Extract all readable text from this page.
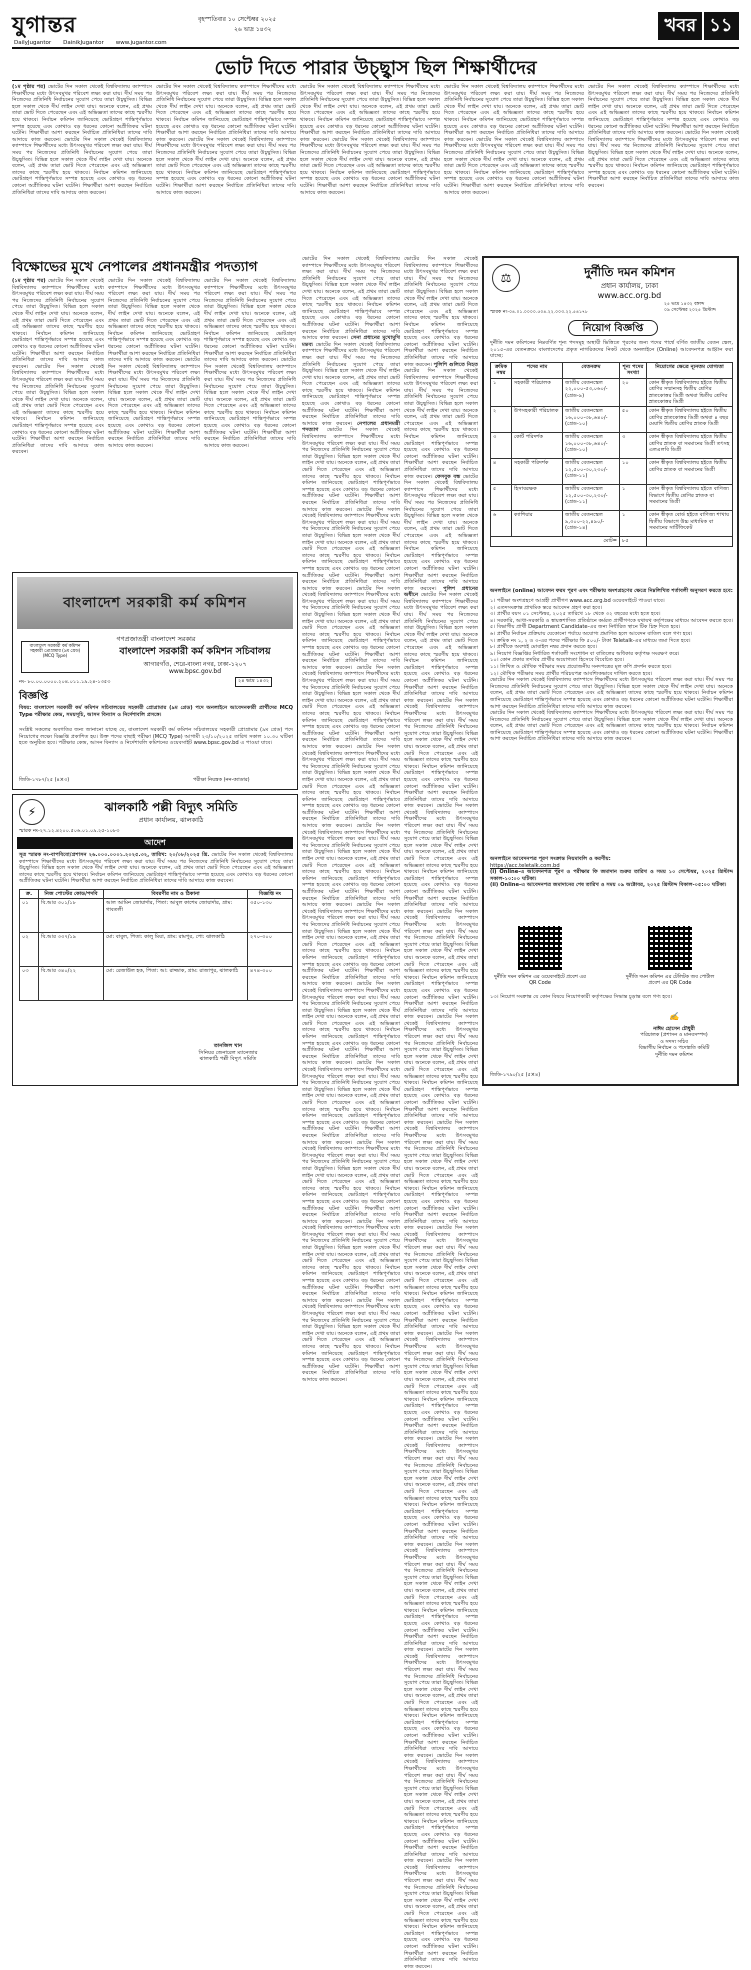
যুগান্তর	বৃহস্পতিবার ১০ সেপ্টেম্বর ২০২৫
২৬ ভাদ্র ১৪৩২
DailyJugantor DainikJugantor www.jugantor.com
খবর ১১
ভোট দিতে পারার উচ্ছ্বাস ছিল শিক্ষার্থীদের
(১ম পৃষ্ঠার পর) ভোটের দিন সকাল থেকেই বিশ্ববিদ্যালয় ক্যাম্পাসে শিক্ষার্থীদের মধ্যে উৎসবমুখর পরিবেশ লক্ষ্য করা যায়। দীর্ঘ সময় পর নিজেদের প্রতিনিধি নির্বাচনের সুযোগ পেয়ে তারা উচ্ছ্বসিত। বিভিন্ন হলে সকাল থেকে দীর্ঘ লাইন দেখা যায়। অনেকে বলেন, এই প্রথম তারা ভোট দিতে পেরেছেন এবং এই অভিজ্ঞতা তাদের কাছে স্মরণীয় হয়ে থাকবে। নির্বাচন কমিশন জানিয়েছে ভোটগ্রহণ শান্তিপূর্ণভাবে সম্পন্ন হয়েছে এবং কোথাও বড় ধরনের কোনো অপ্রীতিকর ঘটনা ঘটেনি। শিক্ষার্থীরা আশা করছেন নির্বাচিত প্রতিনিধিরা তাদের দাবি আদায়ে কাজ করবেন। ভোটের দিন সকাল থেকেই বিশ্ববিদ্যালয় ক্যাম্পাসে শিক্ষার্থীদের মধ্যে উৎসবমুখর পরিবেশ লক্ষ্য করা যায়। দীর্ঘ সময় পর নিজেদের প্রতিনিধি নির্বাচনের সুযোগ পেয়ে তারা উচ্ছ্বসিত। বিভিন্ন হলে সকাল থেকে দীর্ঘ লাইন দেখা যায়। অনেকে বলেন, এই প্রথম তারা ভোট দিতে পেরেছেন এবং এই অভিজ্ঞতা তাদের কাছে স্মরণীয় হয়ে থাকবে। নির্বাচন কমিশন জানিয়েছে ভোটগ্রহণ শান্তিপূর্ণভাবে সম্পন্ন হয়েছে এবং কোথাও বড় ধরনের কোনো অপ্রীতিকর ঘটনা ঘটেনি। শিক্ষার্থীরা আশা করছেন নির্বাচিত প্রতিনিধিরা তাদের দাবি আদায়ে কাজ করবেন।
ভোটের দিন সকাল থেকেই বিশ্ববিদ্যালয় ক্যাম্পাসে শিক্ষার্থীদের মধ্যে উৎসবমুখর পরিবেশ লক্ষ্য করা যায়। দীর্ঘ সময় পর নিজেদের প্রতিনিধি নির্বাচনের সুযোগ পেয়ে তারা উচ্ছ্বসিত। বিভিন্ন হলে সকাল থেকে দীর্ঘ লাইন দেখা যায়। অনেকে বলেন, এই প্রথম তারা ভোট দিতে পেরেছেন এবং এই অভিজ্ঞতা তাদের কাছে স্মরণীয় হয়ে থাকবে। নির্বাচন কমিশন জানিয়েছে ভোটগ্রহণ শান্তিপূর্ণভাবে সম্পন্ন হয়েছে এবং কোথাও বড় ধরনের কোনো অপ্রীতিকর ঘটনা ঘটেনি। শিক্ষার্থীরা আশা করছেন নির্বাচিত প্রতিনিধিরা তাদের দাবি আদায়ে কাজ করবেন। ভোটের দিন সকাল থেকেই বিশ্ববিদ্যালয় ক্যাম্পাসে শিক্ষার্থীদের মধ্যে উৎসবমুখর পরিবেশ লক্ষ্য করা যায়। দীর্ঘ সময় পর নিজেদের প্রতিনিধি নির্বাচনের সুযোগ পেয়ে তারা উচ্ছ্বসিত। বিভিন্ন হলে সকাল থেকে দীর্ঘ লাইন দেখা যায়। অনেকে বলেন, এই প্রথম তারা ভোট দিতে পেরেছেন এবং এই অভিজ্ঞতা তাদের কাছে স্মরণীয় হয়ে থাকবে। নির্বাচন কমিশন জানিয়েছে ভোটগ্রহণ শান্তিপূর্ণভাবে সম্পন্ন হয়েছে এবং কোথাও বড় ধরনের কোনো অপ্রীতিকর ঘটনা ঘটেনি। শিক্ষার্থীরা আশা করছেন নির্বাচিত প্রতিনিধিরা তাদের দাবি আদায়ে কাজ করবেন।
ভোটের দিন সকাল থেকেই বিশ্ববিদ্যালয় ক্যাম্পাসে শিক্ষার্থীদের মধ্যে উৎসবমুখর পরিবেশ লক্ষ্য করা যায়। দীর্ঘ সময় পর নিজেদের প্রতিনিধি নির্বাচনের সুযোগ পেয়ে তারা উচ্ছ্বসিত। বিভিন্ন হলে সকাল থেকে দীর্ঘ লাইন দেখা যায়। অনেকে বলেন, এই প্রথম তারা ভোট দিতে পেরেছেন এবং এই অভিজ্ঞতা তাদের কাছে স্মরণীয় হয়ে থাকবে। নির্বাচন কমিশন জানিয়েছে ভোটগ্রহণ শান্তিপূর্ণভাবে সম্পন্ন হয়েছে এবং কোথাও বড় ধরনের কোনো অপ্রীতিকর ঘটনা ঘটেনি। শিক্ষার্থীরা আশা করছেন নির্বাচিত প্রতিনিধিরা তাদের দাবি আদায়ে কাজ করবেন। ভোটের দিন সকাল থেকেই বিশ্ববিদ্যালয় ক্যাম্পাসে শিক্ষার্থীদের মধ্যে উৎসবমুখর পরিবেশ লক্ষ্য করা যায়। দীর্ঘ সময় পর নিজেদের প্রতিনিধি নির্বাচনের সুযোগ পেয়ে তারা উচ্ছ্বসিত। বিভিন্ন হলে সকাল থেকে দীর্ঘ লাইন দেখা যায়। অনেকে বলেন, এই প্রথম তারা ভোট দিতে পেরেছেন এবং এই অভিজ্ঞতা তাদের কাছে স্মরণীয় হয়ে থাকবে। নির্বাচন কমিশন জানিয়েছে ভোটগ্রহণ শান্তিপূর্ণভাবে সম্পন্ন হয়েছে এবং কোথাও বড় ধরনের কোনো অপ্রীতিকর ঘটনা ঘটেনি। শিক্ষার্থীরা আশা করছেন নির্বাচিত প্রতিনিধিরা তাদের দাবি আদায়ে কাজ করবেন।
ভোটের দিন সকাল থেকেই বিশ্ববিদ্যালয় ক্যাম্পাসে শিক্ষার্থীদের মধ্যে উৎসবমুখর পরিবেশ লক্ষ্য করা যায়। দীর্ঘ সময় পর নিজেদের প্রতিনিধি নির্বাচনের সুযোগ পেয়ে তারা উচ্ছ্বসিত। বিভিন্ন হলে সকাল থেকে দীর্ঘ লাইন দেখা যায়। অনেকে বলেন, এই প্রথম তারা ভোট দিতে পেরেছেন এবং এই অভিজ্ঞতা তাদের কাছে স্মরণীয় হয়ে থাকবে। নির্বাচন কমিশন জানিয়েছে ভোটগ্রহণ শান্তিপূর্ণভাবে সম্পন্ন হয়েছে এবং কোথাও বড় ধরনের কোনো অপ্রীতিকর ঘটনা ঘটেনি। শিক্ষার্থীরা আশা করছেন নির্বাচিত প্রতিনিধিরা তাদের দাবি আদায়ে কাজ করবেন। ভোটের দিন সকাল থেকেই বিশ্ববিদ্যালয় ক্যাম্পাসে শিক্ষার্থীদের মধ্যে উৎসবমুখর পরিবেশ লক্ষ্য করা যায়। দীর্ঘ সময় পর নিজেদের প্রতিনিধি নির্বাচনের সুযোগ পেয়ে তারা উচ্ছ্বসিত। বিভিন্ন হলে সকাল থেকে দীর্ঘ লাইন দেখা যায়। অনেকে বলেন, এই প্রথম তারা ভোট দিতে পেরেছেন এবং এই অভিজ্ঞতা তাদের কাছে স্মরণীয় হয়ে থাকবে। নির্বাচন কমিশন জানিয়েছে ভোটগ্রহণ শান্তিপূর্ণভাবে সম্পন্ন হয়েছে এবং কোথাও বড় ধরনের কোনো অপ্রীতিকর ঘটনা ঘটেনি। শিক্ষার্থীরা আশা করছেন নির্বাচিত প্রতিনিধিরা তাদের দাবি আদায়ে কাজ করবেন।
ভোটের দিন সকাল থেকেই বিশ্ববিদ্যালয় ক্যাম্পাসে শিক্ষার্থীদের মধ্যে উৎসবমুখর পরিবেশ লক্ষ্য করা যায়। দীর্ঘ সময় পর নিজেদের প্রতিনিধি নির্বাচনের সুযোগ পেয়ে তারা উচ্ছ্বসিত। বিভিন্ন হলে সকাল থেকে দীর্ঘ লাইন দেখা যায়। অনেকে বলেন, এই প্রথম তারা ভোট দিতে পেরেছেন এবং এই অভিজ্ঞতা তাদের কাছে স্মরণীয় হয়ে থাকবে। নির্বাচন কমিশন জানিয়েছে ভোটগ্রহণ শান্তিপূর্ণভাবে সম্পন্ন হয়েছে এবং কোথাও বড় ধরনের কোনো অপ্রীতিকর ঘটনা ঘটেনি। শিক্ষার্থীরা আশা করছেন নির্বাচিত প্রতিনিধিরা তাদের দাবি আদায়ে কাজ করবেন। ভোটের দিন সকাল থেকেই বিশ্ববিদ্যালয় ক্যাম্পাসে শিক্ষার্থীদের মধ্যে উৎসবমুখর পরিবেশ লক্ষ্য করা যায়। দীর্ঘ সময় পর নিজেদের প্রতিনিধি নির্বাচনের সুযোগ পেয়ে তারা উচ্ছ্বসিত। বিভিন্ন হলে সকাল থেকে দীর্ঘ লাইন দেখা যায়। অনেকে বলেন, এই প্রথম তারা ভোট দিতে পেরেছেন এবং এই অভিজ্ঞতা তাদের কাছে স্মরণীয় হয়ে থাকবে। নির্বাচন কমিশন জানিয়েছে ভোটগ্রহণ শান্তিপূর্ণভাবে সম্পন্ন হয়েছে এবং কোথাও বড় ধরনের কোনো অপ্রীতিকর ঘটনা ঘটেনি। শিক্ষার্থীরা আশা করছেন নির্বাচিত প্রতিনিধিরা তাদের দাবি আদায়ে কাজ করবেন।
বিক্ষোভের মুখে নেপালের প্রধানমন্ত্রীর পদত্যাগ
(১ম পৃষ্ঠার পর) ভোটের দিন সকাল থেকেই বিশ্ববিদ্যালয় ক্যাম্পাসে শিক্ষার্থীদের মধ্যে উৎসবমুখর পরিবেশ লক্ষ্য করা যায়। দীর্ঘ সময় পর নিজেদের প্রতিনিধি নির্বাচনের সুযোগ পেয়ে তারা উচ্ছ্বসিত। বিভিন্ন হলে সকাল থেকে দীর্ঘ লাইন দেখা যায়। অনেকে বলেন, এই প্রথম তারা ভোট দিতে পেরেছেন এবং এই অভিজ্ঞতা তাদের কাছে স্মরণীয় হয়ে থাকবে। নির্বাচন কমিশন জানিয়েছে ভোটগ্রহণ শান্তিপূর্ণভাবে সম্পন্ন হয়েছে এবং কোথাও বড় ধরনের কোনো অপ্রীতিকর ঘটনা ঘটেনি। শিক্ষার্থীরা আশা করছেন নির্বাচিত প্রতিনিধিরা তাদের দাবি আদায়ে কাজ করবেন। ভোটের দিন সকাল থেকেই বিশ্ববিদ্যালয় ক্যাম্পাসে শিক্ষার্থীদের মধ্যে উৎসবমুখর পরিবেশ লক্ষ্য করা যায়। দীর্ঘ সময় পর নিজেদের প্রতিনিধি নির্বাচনের সুযোগ পেয়ে তারা উচ্ছ্বসিত। বিভিন্ন হলে সকাল থেকে দীর্ঘ লাইন দেখা যায়। অনেকে বলেন, এই প্রথম তারা ভোট দিতে পেরেছেন এবং এই অভিজ্ঞতা তাদের কাছে স্মরণীয় হয়ে থাকবে। নির্বাচন কমিশন জানিয়েছে ভোটগ্রহণ শান্তিপূর্ণভাবে সম্পন্ন হয়েছে এবং কোথাও বড় ধরনের কোনো অপ্রীতিকর ঘটনা ঘটেনি। শিক্ষার্থীরা আশা করছেন নির্বাচিত প্রতিনিধিরা তাদের দাবি আদায়ে কাজ করবেন।
ভোটের দিন সকাল থেকেই বিশ্ববিদ্যালয় ক্যাম্পাসে শিক্ষার্থীদের মধ্যে উৎসবমুখর পরিবেশ লক্ষ্য করা যায়। দীর্ঘ সময় পর নিজেদের প্রতিনিধি নির্বাচনের সুযোগ পেয়ে তারা উচ্ছ্বসিত। বিভিন্ন হলে সকাল থেকে দীর্ঘ লাইন দেখা যায়। অনেকে বলেন, এই প্রথম তারা ভোট দিতে পেরেছেন এবং এই অভিজ্ঞতা তাদের কাছে স্মরণীয় হয়ে থাকবে। নির্বাচন কমিশন জানিয়েছে ভোটগ্রহণ শান্তিপূর্ণভাবে সম্পন্ন হয়েছে এবং কোথাও বড় ধরনের কোনো অপ্রীতিকর ঘটনা ঘটেনি। শিক্ষার্থীরা আশা করছেন নির্বাচিত প্রতিনিধিরা তাদের দাবি আদায়ে কাজ করবেন। ভোটের দিন সকাল থেকেই বিশ্ববিদ্যালয় ক্যাম্পাসে শিক্ষার্থীদের মধ্যে উৎসবমুখর পরিবেশ লক্ষ্য করা যায়। দীর্ঘ সময় পর নিজেদের প্রতিনিধি নির্বাচনের সুযোগ পেয়ে তারা উচ্ছ্বসিত। বিভিন্ন হলে সকাল থেকে দীর্ঘ লাইন দেখা যায়। অনেকে বলেন, এই প্রথম তারা ভোট দিতে পেরেছেন এবং এই অভিজ্ঞতা তাদের কাছে স্মরণীয় হয়ে থাকবে। নির্বাচন কমিশন জানিয়েছে ভোটগ্রহণ শান্তিপূর্ণভাবে সম্পন্ন হয়েছে এবং কোথাও বড় ধরনের কোনো অপ্রীতিকর ঘটনা ঘটেনি। শিক্ষার্থীরা আশা করছেন নির্বাচিত প্রতিনিধিরা তাদের দাবি আদায়ে কাজ করবেন।
ভোটের দিন সকাল থেকেই বিশ্ববিদ্যালয় ক্যাম্পাসে শিক্ষার্থীদের মধ্যে উৎসবমুখর পরিবেশ লক্ষ্য করা যায়। দীর্ঘ সময় পর নিজেদের প্রতিনিধি নির্বাচনের সুযোগ পেয়ে তারা উচ্ছ্বসিত। বিভিন্ন হলে সকাল থেকে দীর্ঘ লাইন দেখা যায়। অনেকে বলেন, এই প্রথম তারা ভোট দিতে পেরেছেন এবং এই অভিজ্ঞতা তাদের কাছে স্মরণীয় হয়ে থাকবে। নির্বাচন কমিশন জানিয়েছে ভোটগ্রহণ শান্তিপূর্ণভাবে সম্পন্ন হয়েছে এবং কোথাও বড় ধরনের কোনো অপ্রীতিকর ঘটনা ঘটেনি। শিক্ষার্থীরা আশা করছেন নির্বাচিত প্রতিনিধিরা তাদের দাবি আদায়ে কাজ করবেন। ভোটের দিন সকাল থেকেই বিশ্ববিদ্যালয় ক্যাম্পাসে শিক্ষার্থীদের মধ্যে উৎসবমুখর পরিবেশ লক্ষ্য করা যায়। দীর্ঘ সময় পর নিজেদের প্রতিনিধি নির্বাচনের সুযোগ পেয়ে তারা উচ্ছ্বসিত। বিভিন্ন হলে সকাল থেকে দীর্ঘ লাইন দেখা যায়। অনেকে বলেন, এই প্রথম তারা ভোট দিতে পেরেছেন এবং এই অভিজ্ঞতা তাদের কাছে স্মরণীয় হয়ে থাকবে। নির্বাচন কমিশন জানিয়েছে ভোটগ্রহণ শান্তিপূর্ণভাবে সম্পন্ন হয়েছে এবং কোথাও বড় ধরনের কোনো অপ্রীতিকর ঘটনা ঘটেনি। শিক্ষার্থীরা আশা করছেন নির্বাচিত প্রতিনিধিরা তাদের দাবি আদায়ে কাজ করবেন।
ভোটের দিন সকাল থেকেই বিশ্ববিদ্যালয় ক্যাম্পাসে শিক্ষার্থীদের মধ্যে উৎসবমুখর পরিবেশ লক্ষ্য করা যায়। দীর্ঘ সময় পর নিজেদের প্রতিনিধি নির্বাচনের সুযোগ পেয়ে তারা উচ্ছ্বসিত। বিভিন্ন হলে সকাল থেকে দীর্ঘ লাইন দেখা যায়। অনেকে বলেন, এই প্রথম তারা ভোট দিতে পেরেছেন এবং এই অভিজ্ঞতা তাদের কাছে স্মরণীয় হয়ে থাকবে। নির্বাচন কমিশন জানিয়েছে ভোটগ্রহণ শান্তিপূর্ণভাবে সম্পন্ন হয়েছে এবং কোথাও বড় ধরনের কোনো অপ্রীতিকর ঘটনা ঘটেনি। শিক্ষার্থীরা আশা করছেন নির্বাচিত প্রতিনিধিরা তাদের দাবি আদায়ে কাজ করবেন। সেনা প্রধানের মুখোমুখি মন্তব্য ভোটের দিন সকাল থেকেই বিশ্ববিদ্যালয় ক্যাম্পাসে শিক্ষার্থীদের মধ্যে উৎসবমুখর পরিবেশ লক্ষ্য করা যায়। দীর্ঘ সময় পর নিজেদের প্রতিনিধি নির্বাচনের সুযোগ পেয়ে তারা উচ্ছ্বসিত। বিভিন্ন হলে সকাল থেকে দীর্ঘ লাইন দেখা যায়। অনেকে বলেন, এই প্রথম তারা ভোট দিতে পেরেছেন এবং এই অভিজ্ঞতা তাদের কাছে স্মরণীয় হয়ে থাকবে। নির্বাচন কমিশন জানিয়েছে ভোটগ্রহণ শান্তিপূর্ণভাবে সম্পন্ন হয়েছে এবং কোথাও বড় ধরনের কোনো অপ্রীতিকর ঘটনা ঘটেনি। শিক্ষার্থীরা আশা করছেন নির্বাচিত প্রতিনিধিরা তাদের দাবি আদায়ে কাজ করবেন। নেপালের প্রধানমন্ত্রী পদত্যাগ ভোটের দিন সকাল থেকেই বিশ্ববিদ্যালয় ক্যাম্পাসে শিক্ষার্থীদের মধ্যে উৎসবমুখর পরিবেশ লক্ষ্য করা যায়। দীর্ঘ সময় পর নিজেদের প্রতিনিধি নির্বাচনের সুযোগ পেয়ে তারা উচ্ছ্বসিত। বিভিন্ন হলে সকাল থেকে দীর্ঘ লাইন দেখা যায়। অনেকে বলেন, এই প্রথম তারা ভোট দিতে পেরেছেন এবং এই অভিজ্ঞতা তাদের কাছে স্মরণীয় হয়ে থাকবে। নির্বাচন কমিশন জানিয়েছে ভোটগ্রহণ শান্তিপূর্ণভাবে সম্পন্ন হয়েছে এবং কোথাও বড় ধরনের কোনো অপ্রীতিকর ঘটনা ঘটেনি। শিক্ষার্থীরা আশা করছেন নির্বাচিত প্রতিনিধিরা তাদের দাবি আদায়ে কাজ করবেন। ভোটের দিন সকাল থেকেই বিশ্ববিদ্যালয় ক্যাম্পাসে শিক্ষার্থীদের মধ্যে উৎসবমুখর পরিবেশ লক্ষ্য করা যায়। দীর্ঘ সময় পর নিজেদের প্রতিনিধি নির্বাচনের সুযোগ পেয়ে তারা উচ্ছ্বসিত। বিভিন্ন হলে সকাল থেকে দীর্ঘ লাইন দেখা যায়। অনেকে বলেন, এই প্রথম তারা ভোট দিতে পেরেছেন এবং এই অভিজ্ঞতা তাদের কাছে স্মরণীয় হয়ে থাকবে। নির্বাচন কমিশন জানিয়েছে ভোটগ্রহণ শান্তিপূর্ণভাবে সম্পন্ন হয়েছে এবং কোথাও বড় ধরনের কোনো অপ্রীতিকর ঘটনা ঘটেনি। শিক্ষার্থীরা আশা করছেন নির্বাচিত প্রতিনিধিরা তাদের দাবি আদায়ে কাজ করবেন। ভোটের দিন সকাল থেকেই বিশ্ববিদ্যালয় ক্যাম্পাসে শিক্ষার্থীদের মধ্যে উৎসবমুখর পরিবেশ লক্ষ্য করা যায়। দীর্ঘ সময় পর নিজেদের প্রতিনিধি নির্বাচনের সুযোগ পেয়ে তারা উচ্ছ্বসিত। বিভিন্ন হলে সকাল থেকে দীর্ঘ লাইন দেখা যায়। অনেকে বলেন, এই প্রথম তারা ভোট দিতে পেরেছেন এবং এই অভিজ্ঞতা তাদের কাছে স্মরণীয় হয়ে থাকবে। নির্বাচন কমিশন জানিয়েছে ভোটগ্রহণ শান্তিপূর্ণভাবে সম্পন্ন হয়েছে এবং কোথাও বড় ধরনের কোনো অপ্রীতিকর ঘটনা ঘটেনি। শিক্ষার্থীরা আশা করছেন নির্বাচিত প্রতিনিধিরা তাদের দাবি আদায়ে কাজ করবেন। ভোটের দিন সকাল থেকেই বিশ্ববিদ্যালয় ক্যাম্পাসে শিক্ষার্থীদের মধ্যে উৎসবমুখর পরিবেশ লক্ষ্য করা যায়। দীর্ঘ সময় পর নিজেদের প্রতিনিধি নির্বাচনের সুযোগ পেয়ে তারা উচ্ছ্বসিত। বিভিন্ন হলে সকাল থেকে দীর্ঘ লাইন দেখা যায়। অনেকে বলেন, এই প্রথম তারা ভোট দিতে পেরেছেন এবং এই অভিজ্ঞতা তাদের কাছে স্মরণীয় হয়ে থাকবে। নির্বাচন কমিশন জানিয়েছে ভোটগ্রহণ শান্তিপূর্ণভাবে সম্পন্ন হয়েছে এবং কোথাও বড় ধরনের কোনো অপ্রীতিকর ঘটনা ঘটেনি। শিক্ষার্থীরা আশা করছেন নির্বাচিত প্রতিনিধিরা তাদের দাবি আদায়ে কাজ করবেন। ভোটের দিন সকাল থেকেই বিশ্ববিদ্যালয় ক্যাম্পাসে শিক্ষার্থীদের মধ্যে উৎসবমুখর পরিবেশ লক্ষ্য করা যায়। দীর্ঘ সময় পর নিজেদের প্রতিনিধি নির্বাচনের সুযোগ পেয়ে তারা উচ্ছ্বসিত। বিভিন্ন হলে সকাল থেকে দীর্ঘ লাইন দেখা যায়। অনেকে বলেন, এই প্রথম তারা ভোট দিতে পেরেছেন এবং এই অভিজ্ঞতা তাদের কাছে স্মরণীয় হয়ে থাকবে। নির্বাচন কমিশন জানিয়েছে ভোটগ্রহণ শান্তিপূর্ণভাবে সম্পন্ন হয়েছে এবং কোথাও বড় ধরনের কোনো অপ্রীতিকর ঘটনা ঘটেনি। শিক্ষার্থীরা আশা করছেন নির্বাচিত প্রতিনিধিরা তাদের দাবি আদায়ে কাজ করবেন। ভোটের দিন সকাল থেকেই বিশ্ববিদ্যালয় ক্যাম্পাসে শিক্ষার্থীদের মধ্যে উৎসবমুখর পরিবেশ লক্ষ্য করা যায়। দীর্ঘ সময় পর নিজেদের প্রতিনিধি নির্বাচনের সুযোগ পেয়ে তারা উচ্ছ্বসিত। বিভিন্ন হলে সকাল থেকে দীর্ঘ লাইন দেখা যায়। অনেকে বলেন, এই প্রথম তারা ভোট দিতে পেরেছেন এবং এই অভিজ্ঞতা তাদের কাছে স্মরণীয় হয়ে থাকবে। নির্বাচন কমিশন জানিয়েছে ভোটগ্রহণ শান্তিপূর্ণভাবে সম্পন্ন হয়েছে এবং কোথাও বড় ধরনের কোনো অপ্রীতিকর ঘটনা ঘটেনি। শিক্ষার্থীরা আশা করছেন নির্বাচিত প্রতিনিধিরা তাদের দাবি আদায়ে কাজ করবেন। ভোটের দিন সকাল থেকেই বিশ্ববিদ্যালয় ক্যাম্পাসে শিক্ষার্থীদের মধ্যে উৎসবমুখর পরিবেশ লক্ষ্য করা যায়। দীর্ঘ সময় পর নিজেদের প্রতিনিধি নির্বাচনের সুযোগ পেয়ে তারা উচ্ছ্বসিত। বিভিন্ন হলে সকাল থেকে দীর্ঘ লাইন দেখা যায়। অনেকে বলেন, এই প্রথম তারা ভোট দিতে পেরেছেন এবং এই অভিজ্ঞতা তাদের কাছে স্মরণীয় হয়ে থাকবে। নির্বাচন কমিশন জানিয়েছে ভোটগ্রহণ শান্তিপূর্ণভাবে সম্পন্ন হয়েছে এবং কোথাও বড় ধরনের কোনো অপ্রীতিকর ঘটনা ঘটেনি। শিক্ষার্থীরা আশা করছেন নির্বাচিত প্রতিনিধিরা তাদের দাবি আদায়ে কাজ করবেন। ভোটের দিন সকাল থেকেই বিশ্ববিদ্যালয় ক্যাম্পাসে শিক্ষার্থীদের মধ্যে উৎসবমুখর পরিবেশ লক্ষ্য করা যায়। দীর্ঘ সময় পর নিজেদের প্রতিনিধি নির্বাচনের সুযোগ পেয়ে তারা উচ্ছ্বসিত। বিভিন্ন হলে সকাল থেকে দীর্ঘ লাইন দেখা যায়। অনেকে বলেন, এই প্রথম তারা ভোট দিতে পেরেছেন এবং এই অভিজ্ঞতা তাদের কাছে স্মরণীয় হয়ে থাকবে। নির্বাচন কমিশন জানিয়েছে ভোটগ্রহণ শান্তিপূর্ণভাবে সম্পন্ন হয়েছে এবং কোথাও বড় ধরনের কোনো অপ্রীতিকর ঘটনা ঘটেনি। শিক্ষার্থীরা আশা করছেন নির্বাচিত প্রতিনিধিরা তাদের দাবি আদায়ে কাজ করবেন। ভোটের দিন সকাল থেকেই বিশ্ববিদ্যালয় ক্যাম্পাসে শিক্ষার্থীদের মধ্যে উৎসবমুখর পরিবেশ লক্ষ্য করা যায়। দীর্ঘ সময় পর নিজেদের প্রতিনিধি নির্বাচনের সুযোগ পেয়ে তারা উচ্ছ্বসিত। বিভিন্ন হলে সকাল থেকে দীর্ঘ লাইন দেখা যায়। অনেকে বলেন, এই প্রথম তারা ভোট দিতে পেরেছেন এবং এই অভিজ্ঞতা তাদের কাছে স্মরণীয় হয়ে থাকবে। নির্বাচন কমিশন জানিয়েছে ভোটগ্রহণ শান্তিপূর্ণভাবে সম্পন্ন হয়েছে এবং কোথাও বড় ধরনের কোনো অপ্রীতিকর ঘটনা ঘটেনি। শিক্ষার্থীরা আশা করছেন নির্বাচিত প্রতিনিধিরা তাদের দাবি আদায়ে কাজ করবেন। ভোটের দিন সকাল থেকেই বিশ্ববিদ্যালয় ক্যাম্পাসে শিক্ষার্থীদের মধ্যে উৎসবমুখর পরিবেশ লক্ষ্য করা যায়। দীর্ঘ সময় পর নিজেদের প্রতিনিধি নির্বাচনের সুযোগ পেয়ে তারা উচ্ছ্বসিত। বিভিন্ন হলে সকাল থেকে দীর্ঘ লাইন দেখা যায়। অনেকে বলেন, এই প্রথম তারা ভোট দিতে পেরেছেন এবং এই অভিজ্ঞতা তাদের কাছে স্মরণীয় হয়ে থাকবে। নির্বাচন কমিশন জানিয়েছে ভোটগ্রহণ শান্তিপূর্ণভাবে সম্পন্ন হয়েছে এবং কোথাও বড় ধরনের কোনো অপ্রীতিকর ঘটনা ঘটেনি। শিক্ষার্থীরা আশা করছেন নির্বাচিত প্রতিনিধিরা তাদের দাবি আদায়ে কাজ করবেন। ভোটের দিন সকাল থেকেই বিশ্ববিদ্যালয় ক্যাম্পাসে শিক্ষার্থীদের মধ্যে উৎসবমুখর পরিবেশ লক্ষ্য করা যায়। দীর্ঘ সময় পর নিজেদের প্রতিনিধি নির্বাচনের সুযোগ পেয়ে তারা উচ্ছ্বসিত। বিভিন্ন হলে সকাল থেকে দীর্ঘ লাইন দেখা যায়। অনেকে বলেন, এই প্রথম তারা ভোট দিতে পেরেছেন এবং এই অভিজ্ঞতা তাদের কাছে স্মরণীয় হয়ে থাকবে। নির্বাচন কমিশন জানিয়েছে ভোটগ্রহণ শান্তিপূর্ণভাবে সম্পন্ন হয়েছে এবং কোথাও বড় ধরনের কোনো অপ্রীতিকর ঘটনা ঘটেনি। শিক্ষার্থীরা আশা করছেন নির্বাচিত প্রতিনিধিরা তাদের দাবি আদায়ে কাজ করবেন। ভোটের দিন সকাল থেকেই বিশ্ববিদ্যালয় ক্যাম্পাসে শিক্ষার্থীদের মধ্যে উৎসবমুখর পরিবেশ লক্ষ্য করা যায়। দীর্ঘ সময় পর নিজেদের প্রতিনিধি নির্বাচনের সুযোগ পেয়ে তারা উচ্ছ্বসিত। বিভিন্ন হলে সকাল থেকে দীর্ঘ লাইন দেখা যায়। অনেকে বলেন, এই প্রথম তারা ভোট দিতে পেরেছেন এবং এই অভিজ্ঞতা তাদের কাছে স্মরণীয় হয়ে থাকবে। নির্বাচন কমিশন জানিয়েছে ভোটগ্রহণ শান্তিপূর্ণভাবে সম্পন্ন হয়েছে এবং কোথাও বড় ধরনের কোনো অপ্রীতিকর ঘটনা ঘটেনি। শিক্ষার্থীরা আশা করছেন নির্বাচিত প্রতিনিধিরা তাদের দাবি আদায়ে কাজ করবেন।
ভোটের দিন সকাল থেকেই বিশ্ববিদ্যালয় ক্যাম্পাসে শিক্ষার্থীদের মধ্যে উৎসবমুখর পরিবেশ লক্ষ্য করা যায়। দীর্ঘ সময় পর নিজেদের প্রতিনিধি নির্বাচনের সুযোগ পেয়ে তারা উচ্ছ্বসিত। বিভিন্ন হলে সকাল থেকে দীর্ঘ লাইন দেখা যায়। অনেকে বলেন, এই প্রথম তারা ভোট দিতে পেরেছেন এবং এই অভিজ্ঞতা তাদের কাছে স্মরণীয় হয়ে থাকবে। নির্বাচন কমিশন জানিয়েছে ভোটগ্রহণ শান্তিপূর্ণভাবে সম্পন্ন হয়েছে এবং কোথাও বড় ধরনের কোনো অপ্রীতিকর ঘটনা ঘটেনি। শিক্ষার্থীরা আশা করছেন নির্বাচিত প্রতিনিধিরা তাদের দাবি আদায়ে কাজ করবেন। পুলিশি গুলিতে নিহত ভোটের দিন সকাল থেকেই বিশ্ববিদ্যালয় ক্যাম্পাসে শিক্ষার্থীদের মধ্যে উৎসবমুখর পরিবেশ লক্ষ্য করা যায়। দীর্ঘ সময় পর নিজেদের প্রতিনিধি নির্বাচনের সুযোগ পেয়ে তারা উচ্ছ্বসিত। বিভিন্ন হলে সকাল থেকে দীর্ঘ লাইন দেখা যায়। অনেকে বলেন, এই প্রথম তারা ভোট দিতে পেরেছেন এবং এই অভিজ্ঞতা তাদের কাছে স্মরণীয় হয়ে থাকবে। নির্বাচন কমিশন জানিয়েছে ভোটগ্রহণ শান্তিপূর্ণভাবে সম্পন্ন হয়েছে এবং কোথাও বড় ধরনের কোনো অপ্রীতিকর ঘটনা ঘটেনি। শিক্ষার্থীরা আশা করছেন নির্বাচিত প্রতিনিধিরা তাদের দাবি আদায়ে কাজ করবেন। ফেসবুক বন্ধ ভোটের দিন সকাল থেকেই বিশ্ববিদ্যালয় ক্যাম্পাসে শিক্ষার্থীদের মধ্যে উৎসবমুখর পরিবেশ লক্ষ্য করা যায়। দীর্ঘ সময় পর নিজেদের প্রতিনিধি নির্বাচনের সুযোগ পেয়ে তারা উচ্ছ্বসিত। বিভিন্ন হলে সকাল থেকে দীর্ঘ লাইন দেখা যায়। অনেকে বলেন, এই প্রথম তারা ভোট দিতে পেরেছেন এবং এই অভিজ্ঞতা তাদের কাছে স্মরণীয় হয়ে থাকবে। নির্বাচন কমিশন জানিয়েছে ভোটগ্রহণ শান্তিপূর্ণভাবে সম্পন্ন হয়েছে এবং কোথাও বড় ধরনের কোনো অপ্রীতিকর ঘটনা ঘটেনি। শিক্ষার্থীরা আশা করছেন নির্বাচিত প্রতিনিধিরা তাদের দাবি আদায়ে কাজ করবেন। পুলিশ প্রধানের অধীনে ভোটের দিন সকাল থেকেই বিশ্ববিদ্যালয় ক্যাম্পাসে শিক্ষার্থীদের মধ্যে উৎসবমুখর পরিবেশ লক্ষ্য করা যায়। দীর্ঘ সময় পর নিজেদের প্রতিনিধি নির্বাচনের সুযোগ পেয়ে তারা উচ্ছ্বসিত। বিভিন্ন হলে সকাল থেকে দীর্ঘ লাইন দেখা যায়। অনেকে বলেন, এই প্রথম তারা ভোট দিতে পেরেছেন এবং এই অভিজ্ঞতা তাদের কাছে স্মরণীয় হয়ে থাকবে। নির্বাচন কমিশন জানিয়েছে ভোটগ্রহণ শান্তিপূর্ণভাবে সম্পন্ন হয়েছে এবং কোথাও বড় ধরনের কোনো অপ্রীতিকর ঘটনা ঘটেনি। শিক্ষার্থীরা আশা করছেন নির্বাচিত প্রতিনিধিরা তাদের দাবি আদায়ে কাজ করবেন। ভোটের দিন সকাল থেকেই বিশ্ববিদ্যালয় ক্যাম্পাসে শিক্ষার্থীদের মধ্যে উৎসবমুখর পরিবেশ লক্ষ্য করা যায়। দীর্ঘ সময় পর নিজেদের প্রতিনিধি নির্বাচনের সুযোগ পেয়ে তারা উচ্ছ্বসিত। বিভিন্ন হলে সকাল থেকে দীর্ঘ লাইন দেখা যায়। অনেকে বলেন, এই প্রথম তারা ভোট দিতে পেরেছেন এবং এই অভিজ্ঞতা তাদের কাছে স্মরণীয় হয়ে থাকবে। নির্বাচন কমিশন জানিয়েছে ভোটগ্রহণ শান্তিপূর্ণভাবে সম্পন্ন হয়েছে এবং কোথাও বড় ধরনের কোনো অপ্রীতিকর ঘটনা ঘটেনি। শিক্ষার্থীরা আশা করছেন নির্বাচিত প্রতিনিধিরা তাদের দাবি আদায়ে কাজ করবেন। ভোটের দিন সকাল থেকেই বিশ্ববিদ্যালয় ক্যাম্পাসে শিক্ষার্থীদের মধ্যে উৎসবমুখর পরিবেশ লক্ষ্য করা যায়। দীর্ঘ সময় পর নিজেদের প্রতিনিধি নির্বাচনের সুযোগ পেয়ে তারা উচ্ছ্বসিত। বিভিন্ন হলে সকাল থেকে দীর্ঘ লাইন দেখা যায়। অনেকে বলেন, এই প্রথম তারা ভোট দিতে পেরেছেন এবং এই অভিজ্ঞতা তাদের কাছে স্মরণীয় হয়ে থাকবে। নির্বাচন কমিশন জানিয়েছে ভোটগ্রহণ শান্তিপূর্ণভাবে সম্পন্ন হয়েছে এবং কোথাও বড় ধরনের কোনো অপ্রীতিকর ঘটনা ঘটেনি। শিক্ষার্থীরা আশা করছেন নির্বাচিত প্রতিনিধিরা তাদের দাবি আদায়ে কাজ করবেন। ভোটের দিন সকাল থেকেই বিশ্ববিদ্যালয় ক্যাম্পাসে শিক্ষার্থীদের মধ্যে উৎসবমুখর পরিবেশ লক্ষ্য করা যায়। দীর্ঘ সময় পর নিজেদের প্রতিনিধি নির্বাচনের সুযোগ পেয়ে তারা উচ্ছ্বসিত। বিভিন্ন হলে সকাল থেকে দীর্ঘ লাইন দেখা যায়। অনেকে বলেন, এই প্রথম তারা ভোট দিতে পেরেছেন এবং এই অভিজ্ঞতা তাদের কাছে স্মরণীয় হয়ে থাকবে। নির্বাচন কমিশন জানিয়েছে ভোটগ্রহণ শান্তিপূর্ণভাবে সম্পন্ন হয়েছে এবং কোথাও বড় ধরনের কোনো অপ্রীতিকর ঘটনা ঘটেনি। শিক্ষার্থীরা আশা করছেন নির্বাচিত প্রতিনিধিরা তাদের দাবি আদায়ে কাজ করবেন। ভোটের দিন সকাল থেকেই বিশ্ববিদ্যালয় ক্যাম্পাসে শিক্ষার্থীদের মধ্যে উৎসবমুখর পরিবেশ লক্ষ্য করা যায়। দীর্ঘ সময় পর নিজেদের প্রতিনিধি নির্বাচনের সুযোগ পেয়ে তারা উচ্ছ্বসিত। বিভিন্ন হলে সকাল থেকে দীর্ঘ লাইন দেখা যায়। অনেকে বলেন, এই প্রথম তারা ভোট দিতে পেরেছেন এবং এই অভিজ্ঞতা তাদের কাছে স্মরণীয় হয়ে থাকবে। নির্বাচন কমিশন জানিয়েছে ভোটগ্রহণ শান্তিপূর্ণভাবে সম্পন্ন হয়েছে এবং কোথাও বড় ধরনের কোনো অপ্রীতিকর ঘটনা ঘটেনি। শিক্ষার্থীরা আশা করছেন নির্বাচিত প্রতিনিধিরা তাদের দাবি আদায়ে কাজ করবেন। ভোটের দিন সকাল থেকেই বিশ্ববিদ্যালয় ক্যাম্পাসে শিক্ষার্থীদের মধ্যে উৎসবমুখর পরিবেশ লক্ষ্য করা যায়। দীর্ঘ সময় পর নিজেদের প্রতিনিধি নির্বাচনের সুযোগ পেয়ে তারা উচ্ছ্বসিত। বিভিন্ন হলে সকাল থেকে দীর্ঘ লাইন দেখা যায়। অনেকে বলেন, এই প্রথম তারা ভোট দিতে পেরেছেন এবং এই অভিজ্ঞতা তাদের কাছে স্মরণীয় হয়ে থাকবে। নির্বাচন কমিশন জানিয়েছে ভোটগ্রহণ শান্তিপূর্ণভাবে সম্পন্ন হয়েছে এবং কোথাও বড় ধরনের কোনো অপ্রীতিকর ঘটনা ঘটেনি। শিক্ষার্থীরা আশা করছেন নির্বাচিত প্রতিনিধিরা তাদের দাবি আদায়ে কাজ করবেন। ভোটের দিন সকাল থেকেই বিশ্ববিদ্যালয় ক্যাম্পাসে শিক্ষার্থীদের মধ্যে উৎসবমুখর পরিবেশ লক্ষ্য করা যায়। দীর্ঘ সময় পর নিজেদের প্রতিনিধি নির্বাচনের সুযোগ পেয়ে তারা উচ্ছ্বসিত। বিভিন্ন হলে সকাল থেকে দীর্ঘ লাইন দেখা যায়। অনেকে বলেন, এই প্রথম তারা ভোট দিতে পেরেছেন এবং এই অভিজ্ঞতা তাদের কাছে স্মরণীয় হয়ে থাকবে। নির্বাচন কমিশন জানিয়েছে ভোটগ্রহণ শান্তিপূর্ণভাবে সম্পন্ন হয়েছে এবং কোথাও বড় ধরনের কোনো অপ্রীতিকর ঘটনা ঘটেনি। শিক্ষার্থীরা আশা করছেন নির্বাচিত প্রতিনিধিরা তাদের দাবি আদায়ে কাজ করবেন। ভোটের দিন সকাল থেকেই বিশ্ববিদ্যালয় ক্যাম্পাসে শিক্ষার্থীদের মধ্যে উৎসবমুখর পরিবেশ লক্ষ্য করা যায়। দীর্ঘ সময় পর নিজেদের প্রতিনিধি নির্বাচনের সুযোগ পেয়ে তারা উচ্ছ্বসিত। বিভিন্ন হলে সকাল থেকে দীর্ঘ লাইন দেখা যায়। অনেকে বলেন, এই প্রথম তারা ভোট দিতে পেরেছেন এবং এই অভিজ্ঞতা তাদের কাছে স্মরণীয় হয়ে থাকবে। নির্বাচন কমিশন জানিয়েছে ভোটগ্রহণ শান্তিপূর্ণভাবে সম্পন্ন হয়েছে এবং কোথাও বড় ধরনের কোনো অপ্রীতিকর ঘটনা ঘটেনি। শিক্ষার্থীরা আশা করছেন নির্বাচিত প্রতিনিধিরা তাদের দাবি আদায়ে কাজ করবেন। ভোটের দিন সকাল থেকেই বিশ্ববিদ্যালয় ক্যাম্পাসে শিক্ষার্থীদের মধ্যে উৎসবমুখর পরিবেশ লক্ষ্য করা যায়। দীর্ঘ সময় পর নিজেদের প্রতিনিধি নির্বাচনের সুযোগ পেয়ে তারা উচ্ছ্বসিত। বিভিন্ন হলে সকাল থেকে দীর্ঘ লাইন দেখা যায়। অনেকে বলেন, এই প্রথম তারা ভোট দিতে পেরেছেন এবং এই অভিজ্ঞতা তাদের কাছে স্মরণীয় হয়ে থাকবে। নির্বাচন কমিশন জানিয়েছে ভোটগ্রহণ শান্তিপূর্ণভাবে সম্পন্ন হয়েছে এবং কোথাও বড় ধরনের কোনো অপ্রীতিকর ঘটনা ঘটেনি। শিক্ষার্থীরা আশা করছেন নির্বাচিত প্রতিনিধিরা তাদের দাবি আদায়ে কাজ করবেন। ভোটের দিন সকাল থেকেই বিশ্ববিদ্যালয় ক্যাম্পাসে শিক্ষার্থীদের মধ্যে উৎসবমুখর পরিবেশ লক্ষ্য করা যায়। দীর্ঘ সময় পর নিজেদের প্রতিনিধি নির্বাচনের সুযোগ পেয়ে তারা উচ্ছ্বসিত। বিভিন্ন হলে সকাল থেকে দীর্ঘ লাইন দেখা যায়। অনেকে বলেন, এই প্রথম তারা ভোট দিতে পেরেছেন এবং এই অভিজ্ঞতা তাদের কাছে স্মরণীয় হয়ে থাকবে। নির্বাচন কমিশন জানিয়েছে ভোটগ্রহণ শান্তিপূর্ণভাবে সম্পন্ন হয়েছে এবং কোথাও বড় ধরনের কোনো অপ্রীতিকর ঘটনা ঘটেনি। শিক্ষার্থীরা আশা করছেন নির্বাচিত প্রতিনিধিরা তাদের দাবি আদায়ে কাজ করবেন। ভোটের দিন সকাল থেকেই বিশ্ববিদ্যালয় ক্যাম্পাসে শিক্ষার্থীদের মধ্যে উৎসবমুখর পরিবেশ লক্ষ্য করা যায়। দীর্ঘ সময় পর নিজেদের প্রতিনিধি নির্বাচনের সুযোগ পেয়ে তারা উচ্ছ্বসিত। বিভিন্ন হলে সকাল থেকে দীর্ঘ লাইন দেখা যায়। অনেকে বলেন, এই প্রথম তারা ভোট দিতে পেরেছেন এবং এই অভিজ্ঞতা তাদের কাছে স্মরণীয় হয়ে থাকবে। নির্বাচন কমিশন জানিয়েছে ভোটগ্রহণ শান্তিপূর্ণভাবে সম্পন্ন হয়েছে এবং কোথাও বড় ধরনের কোনো অপ্রীতিকর ঘটনা ঘটেনি। শিক্ষার্থীরা আশা করছেন নির্বাচিত প্রতিনিধিরা তাদের দাবি আদায়ে কাজ করবেন। ভোটের দিন সকাল থেকেই বিশ্ববিদ্যালয় ক্যাম্পাসে শিক্ষার্থীদের মধ্যে উৎসবমুখর পরিবেশ লক্ষ্য করা যায়। দীর্ঘ সময় পর নিজেদের প্রতিনিধি নির্বাচনের সুযোগ পেয়ে তারা উচ্ছ্বসিত। বিভিন্ন হলে সকাল থেকে দীর্ঘ লাইন দেখা যায়। অনেকে বলেন, এই প্রথম তারা ভোট দিতে পেরেছেন এবং এই অভিজ্ঞতা তাদের কাছে স্মরণীয় হয়ে থাকবে। নির্বাচন কমিশন জানিয়েছে ভোটগ্রহণ শান্তিপূর্ণভাবে সম্পন্ন হয়েছে এবং কোথাও বড় ধরনের কোনো অপ্রীতিকর ঘটনা ঘটেনি। শিক্ষার্থীরা আশা করছেন নির্বাচিত প্রতিনিধিরা তাদের দাবি আদায়ে কাজ করবেন। ভোটের দিন সকাল থেকেই বিশ্ববিদ্যালয় ক্যাম্পাসে শিক্ষার্থীদের মধ্যে উৎসবমুখর পরিবেশ লক্ষ্য করা যায়। দীর্ঘ সময় পর নিজেদের প্রতিনিধি নির্বাচনের সুযোগ পেয়ে তারা উচ্ছ্বসিত। বিভিন্ন হলে সকাল থেকে দীর্ঘ লাইন দেখা যায়। অনেকে বলেন, এই প্রথম তারা ভোট দিতে পেরেছেন এবং এই অভিজ্ঞতা তাদের কাছে স্মরণীয় হয়ে থাকবে। নির্বাচন কমিশন জানিয়েছে ভোটগ্রহণ শান্তিপূর্ণভাবে সম্পন্ন হয়েছে এবং কোথাও বড় ধরনের কোনো অপ্রীতিকর ঘটনা ঘটেনি। শিক্ষার্থীরা আশা করছেন নির্বাচিত প্রতিনিধিরা তাদের দাবি আদায়ে কাজ করবেন।
বাংলাদেশ সরকারী কর্ম কমিশন
গণপ্রজাতন্ত্রী বাংলাদেশ সরকার
বাংলাদেশ সরকারী কর্ম কমিশন সচিবালয়
আগারগাঁও, শেরে-বাংলা নগর, ঢাকা-১২০৭
www.bpsc.gov.bd
বাংলাদেশ সরকারী কর্ম কমিশন
সহকারী প্রোগ্রামার (৯ম গ্রেড)
(MCQ Type)
নং- ৮০.০০.০০০০.২০৪.০১১.১৯.২৪-১৩৫৩	২৪ ভাদ্র ১৪৩২
বিজ্ঞপ্তি
বিষয়: বাংলাদেশ সরকারী কর্ম কমিশন সচিবালয়ের সহকারী প্রোগ্রামার (৯ম গ্রেড) পদে অনলাইনে আবেদনকারী প্রার্থীদের MCQ Type পরীক্ষার কেন্দ্র, সময়সূচি, আসন বিন্যাস ও নির্দেশাবলি প্রসঙ্গে।
সংশ্লিষ্ট সকলের অবগতির জন্য জানানো যাচ্ছে যে, বাংলাদেশ সরকারী কর্ম কমিশন সচিবালয়ের সহকারী প্রোগ্রামার (৯ম গ্রেড) পদে নিয়োগের লক্ষ্যে বিজ্ঞপ্তি প্রকাশিত হয়। উক্ত পদের বাছাই পরীক্ষা (MCQ Type) আগামী ২৩/১০/২০২৫ তারিখ সকাল ১০.৩০ ঘটিকা হতে অনুষ্ঠিত হবে। পরীক্ষার কেন্দ্র, আসন বিন্যাস ও নির্দেশাবলি কমিশনের ওয়েবসাইট www.bpsc.gov.bd এ পাওয়া যাবে।
পরীক্ষা নিয়ন্ত্রক (নন-ক্যাডার)
জিডি-১৭৮৭/২৫ (৪×৩)
⚡	ঝালকাঠি পল্লী বিদ্যুৎ সমিতি
প্রধান কার্যালয়, ঝালকাঠি
স্মারক নং-২৭.১২.৪২০০.৫০৬.০১.০৯.২৫-১০৮৩
আদেশ
সূত্র স্মারক নং-বাপবিবো/প্রশাসন ২৬.০০০.০০০১.২০২৫.৩২, তারিখ: ২০/০৮/২০২৫ খ্রি. ভোটের দিন সকাল থেকেই বিশ্ববিদ্যালয় ক্যাম্পাসে শিক্ষার্থীদের মধ্যে উৎসবমুখর পরিবেশ লক্ষ্য করা যায়। দীর্ঘ সময় পর নিজেদের প্রতিনিধি নির্বাচনের সুযোগ পেয়ে তারা উচ্ছ্বসিত। বিভিন্ন হলে সকাল থেকে দীর্ঘ লাইন দেখা যায়। অনেকে বলেন, এই প্রথম তারা ভোট দিতে পেরেছেন এবং এই অভিজ্ঞতা তাদের কাছে স্মরণীয় হয়ে থাকবে। নির্বাচন কমিশন জানিয়েছে ভোটগ্রহণ শান্তিপূর্ণভাবে সম্পন্ন হয়েছে এবং কোথাও বড় ধরনের কোনো অপ্রীতিকর ঘটনা ঘটেনি। শিক্ষার্থীরা আশা করছেন নির্বাচিত প্রতিনিধিরা তাদের দাবি আদায়ে কাজ করবেন।
ক্র.	নিজ পোস্টের কোড/পদবি	বিবরণীর নাম ও ঠিকানা	বিজ্ঞপ্তি নং
০১	বি.আর ৩০১/১৮	আল আমিন জোয়ার্দার, পিতা: আবুল কাশেম জোয়ার্দার, গ্রাম: গাবতলী	৩৫০-১৩০
০২	বি.আর ৩৩৭/১৯	মো: বাবুল, পিতা: কালু মিয়া, গ্রাম: রামপুর, পো: ঝালকাঠি	২৭০-৩০০
০৩	বি.আর ৩৪০/২২	মো: রেজাউল হক, পিতা: আ: রাজ্জাক, গ্রাম: রাজাপুর, ঝালকাঠি	৪৭৪-৩০০
তানজিল খান
সিনিয়র জেনারেল ম্যানেজার
ঝালকাঠি পল্লী বিদ্যুৎ সমিতি
⚖	দুর্নীতি দমন কমিশন
প্রধান কার্যালয়, ঢাকা
www.acc.org.bd
স্মারক নং-০৪.০১.০০০০.৫০৪.২২.০০৩.২২.৫৪১৭৮
২৫ ভাদ্র ১৪৩২ বঙ্গাব্দ
০৯ সেপ্টেম্বর ২০২৫ খ্রিস্টাব্দ
নিয়োগ বিজ্ঞপ্তি
দুর্নীতি দমন কমিশনের নিম্নবর্ণিত শূন্য পদসমূহ অস্থায়ী ভিত্তিতে পূরণের জন্য পদের পার্শ্বে বর্ণিত জাতীয় বেতন স্কেল, ২০১৫-এর বেতনক্রমে বাংলাদেশের প্রকৃত নাগরিকদের নিকট থেকে অনলাইনে (Online) আবেদনপত্র আহ্বান করা যাচ্ছে:
ক্রমিক নম্বর	পদের নাম	বেতনক্রম	শূন্য পদের সংখ্যা	নিয়োগের ক্ষেত্রে ন্যূনতম যোগ্যতা
১	সহকারী পরিচালক	জাতীয় বেতনস্কেল ২২,০০০-৫৩,০৬০/- (গ্রেড-৯)	২০	কোন স্বীকৃত বিশ্ববিদ্যালয় হইতে দ্বিতীয় শ্রেণির সম্মানসহ দ্বিতীয় শ্রেণির স্নাতকোত্তর ডিগ্রী অথবা দ্বিতীয় শ্রেণির স্নাতকোত্তর ডিগ্রী
২	উপসহকারী পরিচালক	জাতীয় বেতনস্কেল ১৬,০০০-৩৮,৬৪০/- (গ্রেড-১০)	৫০	কোন স্বীকৃত বিশ্ববিদ্যালয় হইতে দ্বিতীয় শ্রেণির স্নাতকোত্তর ডিগ্রী অথবা ৪ বছর মেয়াদি দ্বিতীয় শ্রেণির স্নাতক ডিগ্রী
৩	কোর্ট পরিদর্শক	জাতীয় বেতনস্কেল ১৬,০০০-৩৮,৬৪০/- (গ্রেড-১০)	৩	কোন স্বীকৃত বিশ্ববিদ্যালয় হইতে দ্বিতীয় শ্রেণির স্নাতক বা সমমানের ডিগ্রী তৎসহ এলএলবি ডিগ্রী
৪	সহকারী পরিদর্শক	জাতীয় বেতনস্কেল ১২,৫০০-৩০,২৩০/- (গ্রেড-১১)	১০	কোন স্বীকৃত বিশ্ববিদ্যালয় হইতে দ্বিতীয় শ্রেণির স্নাতক বা সমমানের ডিগ্রী
৫	হিসাবরক্ষক	জাতীয় বেতনস্কেল ১২,৫০০-৩০,২৩০/- (গ্রেড-১১)	১	কোন স্বীকৃত বিশ্ববিদ্যালয় হইতে বাণিজ্য বিভাগে দ্বিতীয় শ্রেণির স্নাতক বা সমমানের ডিগ্রী
৬	ক্যাশিয়ার	জাতীয় বেতনস্কেল ৯,৩০০-২২,৪৯০/- (গ্রেড-১৪)	১	কোন স্বীকৃত বোর্ড হইতে বাণিজ্য শাখায় দ্বিতীয় বিভাগে উচ্চ মাধ্যমিক বা সমমানের সার্টিফিকেট
মোট=			৮৫	
অনলাইনে (online) আবেদন ফরম পূরণ এবং পরীক্ষায় অংশগ্রহণের ক্ষেত্রে নিম্নলিখিত শর্তাবলী অনুসরণ করতে হবে:
১। পরীক্ষা অংশগ্রহণে আগ্রহী প্রার্থীগণ www.acc.org.bd ওয়েবসাইটে পাওয়া যাবে।
২। এতদসংক্রান্ত প্রাথমিক স্তরে আবেদন গ্রহণ করা হবে।
৩। প্রার্থীর বয়স ০১ সেপ্টেম্বর, ২০২৫ তারিখে ১৮ থেকে ৩২ বছরের মধ্যে হতে হবে।
৪। সরকারি, আধা-সরকারি ও স্বায়ত্তশাসিত প্রতিষ্ঠানে কর্মরত প্রার্থীগণকে যথাযথ কর্তৃপক্ষের মাধ্যমে আবেদন করতে হবে।
৫। বিভাগীয় প্রার্থী Department Candidate-এর জন্য নির্ধারিত স্থানে টিক চিহ্ন দিতে হবে।
৬। প্রার্থীর নির্বাচন প্রক্রিয়ায় যেকোনো পর্যায়ে অযোগ্য প্রমাণিত হলে আবেদন বাতিল বলে গণ্য হবে।
৭। ক্রমিক নং ১, ২ ও ৩-এর পদের পরীক্ষার ফি ৫০০/- টাকা Teletalk-এর মাধ্যমে জমা দিতে হবে।
৮। প্রার্থীকে অবশ্যই মোবাইল নম্বর প্রদান করতে হবে।
৯। নিয়োগ বিজ্ঞপ্তির নির্ধারিত শর্তাবলী সংশোধন বা বাতিলের অধিকার কর্তৃপক্ষ সংরক্ষণ করে।
১০। কোন প্রকার তদবির প্রার্থীর অযোগ্যতা হিসেবে বিবেচিত হবে।
১১। লিখিত ও মৌখিক পরীক্ষার সময় প্রয়োজনীয় সনদপত্রের মূল কপি প্রদর্শন করতে হবে।
১২। মৌখিক পরীক্ষার সময় প্রার্থীর পরিচয়পত্র আবশ্যিকভাবে দাখিল করতে হবে।
ভোটের দিন সকাল থেকেই বিশ্ববিদ্যালয় ক্যাম্পাসে শিক্ষার্থীদের মধ্যে উৎসবমুখর পরিবেশ লক্ষ্য করা যায়। দীর্ঘ সময় পর নিজেদের প্রতিনিধি নির্বাচনের সুযোগ পেয়ে তারা উচ্ছ্বসিত। বিভিন্ন হলে সকাল থেকে দীর্ঘ লাইন দেখা যায়। অনেকে বলেন, এই প্রথম তারা ভোট দিতে পেরেছেন এবং এই অভিজ্ঞতা তাদের কাছে স্মরণীয় হয়ে থাকবে। নির্বাচন কমিশন জানিয়েছে ভোটগ্রহণ শান্তিপূর্ণভাবে সম্পন্ন হয়েছে এবং কোথাও বড় ধরনের কোনো অপ্রীতিকর ঘটনা ঘটেনি। শিক্ষার্থীরা আশা করছেন নির্বাচিত প্রতিনিধিরা তাদের দাবি আদায়ে কাজ করবেন।
ভোটের দিন সকাল থেকেই বিশ্ববিদ্যালয় ক্যাম্পাসে শিক্ষার্থীদের মধ্যে উৎসবমুখর পরিবেশ লক্ষ্য করা যায়। দীর্ঘ সময় পর নিজেদের প্রতিনিধি নির্বাচনের সুযোগ পেয়ে তারা উচ্ছ্বসিত। বিভিন্ন হলে সকাল থেকে দীর্ঘ লাইন দেখা যায়। অনেকে বলেন, এই প্রথম তারা ভোট দিতে পেরেছেন এবং এই অভিজ্ঞতা তাদের কাছে স্মরণীয় হয়ে থাকবে। নির্বাচন কমিশন জানিয়েছে ভোটগ্রহণ শান্তিপূর্ণভাবে সম্পন্ন হয়েছে এবং কোথাও বড় ধরনের কোনো অপ্রীতিকর ঘটনা ঘটেনি। শিক্ষার্থীরা আশা করছেন নির্বাচিত প্রতিনিধিরা তাদের দাবি আদায়ে কাজ করবেন।
অনলাইনে আবেদনপত্র পূরণ সংক্রান্ত নিয়মাবলি ও করণীয়:
https://acc.teletalk.com.bd
(i) Online-এ আবেদনপত্র পূরণ ও পরীক্ষার ফি জমাদান শুরুর তারিখ ও সময় ১০ সেপ্টেম্বর, ২০২৫ খ্রিস্টাব্দ সকাল-১০:০০ ঘটিকা।
(ii) Online-এ আবেদনপত্র জমাদানের শেষ তারিখ ও সময় ০৯ অক্টোবর, ২০২৫ খ্রিস্টাব্দ বিকাল-০৫:০০ ঘটিকা।
দুর্নীতি দমন কমিশন এর ওয়েবসাইটে প্রবেশ এর QR Code
দুর্নীতি দমন কমিশন এর টেলিটক জব পোর্টাল প্রবেশ এর QR Code
১৩। নিয়োগ সংক্রান্ত যে কোন বিষয়ে নিয়োগকারী কর্তৃপক্ষের সিদ্ধান্ত চূড়ান্ত বলে গণ্য হবে।
✍
নাঈম হোসেন চৌধুরী
পরিচালক (প্রশাসন ও মানবসম্পদ)
ও সদস্য সচিব
বিভাগীয় নির্বাচন ও পদোন্নতি কমিটি
দুর্নীতি দমন কমিশন
জিডি-১৭৯০/২৫ (৫×৪)
